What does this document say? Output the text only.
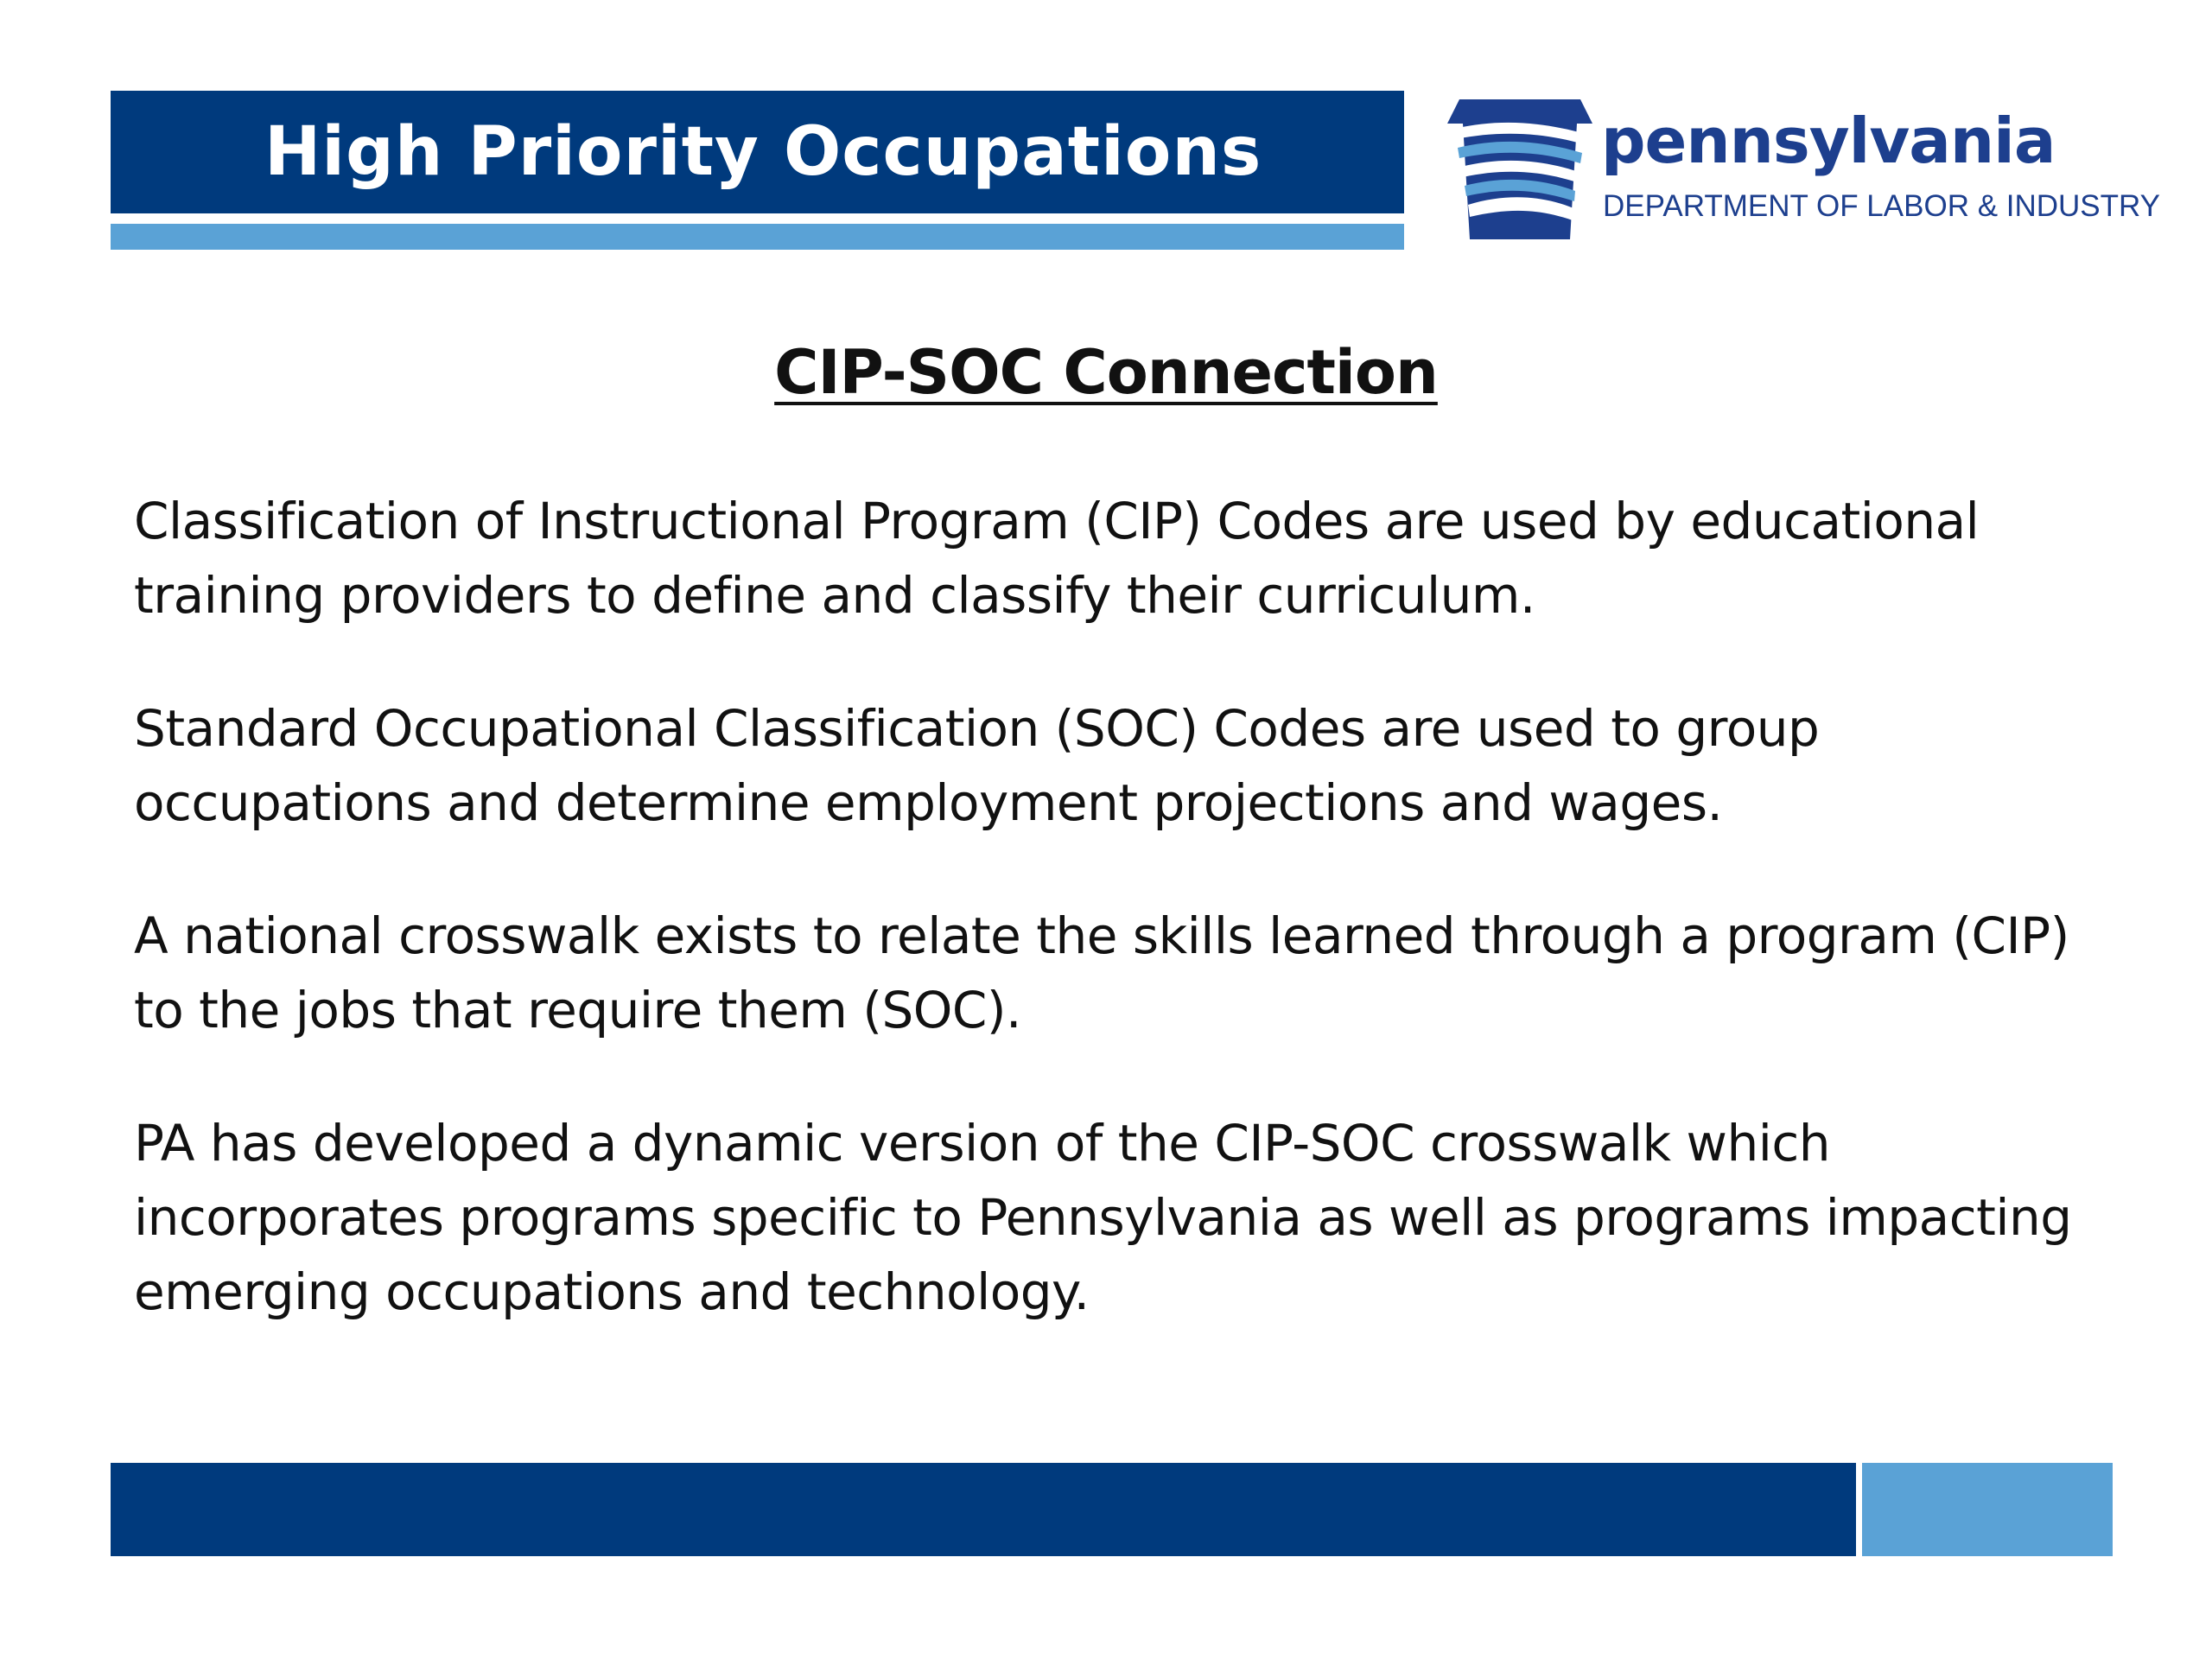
High Priority Occupations	pennsylvania
DEPARTMENT OF LABOR & INDUSTRY
CIP-SOC Connection

Classification of Instructional Program (CIP) Codes are used by educational training providers to define and classify their curriculum.

Standard Occupational Classification (SOC) Codes are used to group occupations and determine employment projections and wages.

A national crosswalk exists to relate the skills learned through a program (CIP) to the jobs that require them (SOC).

PA has developed a dynamic version of the CIP-SOC crosswalk which incorporates programs specific to Pennsylvania as well as programs impacting emerging occupations and technology.
